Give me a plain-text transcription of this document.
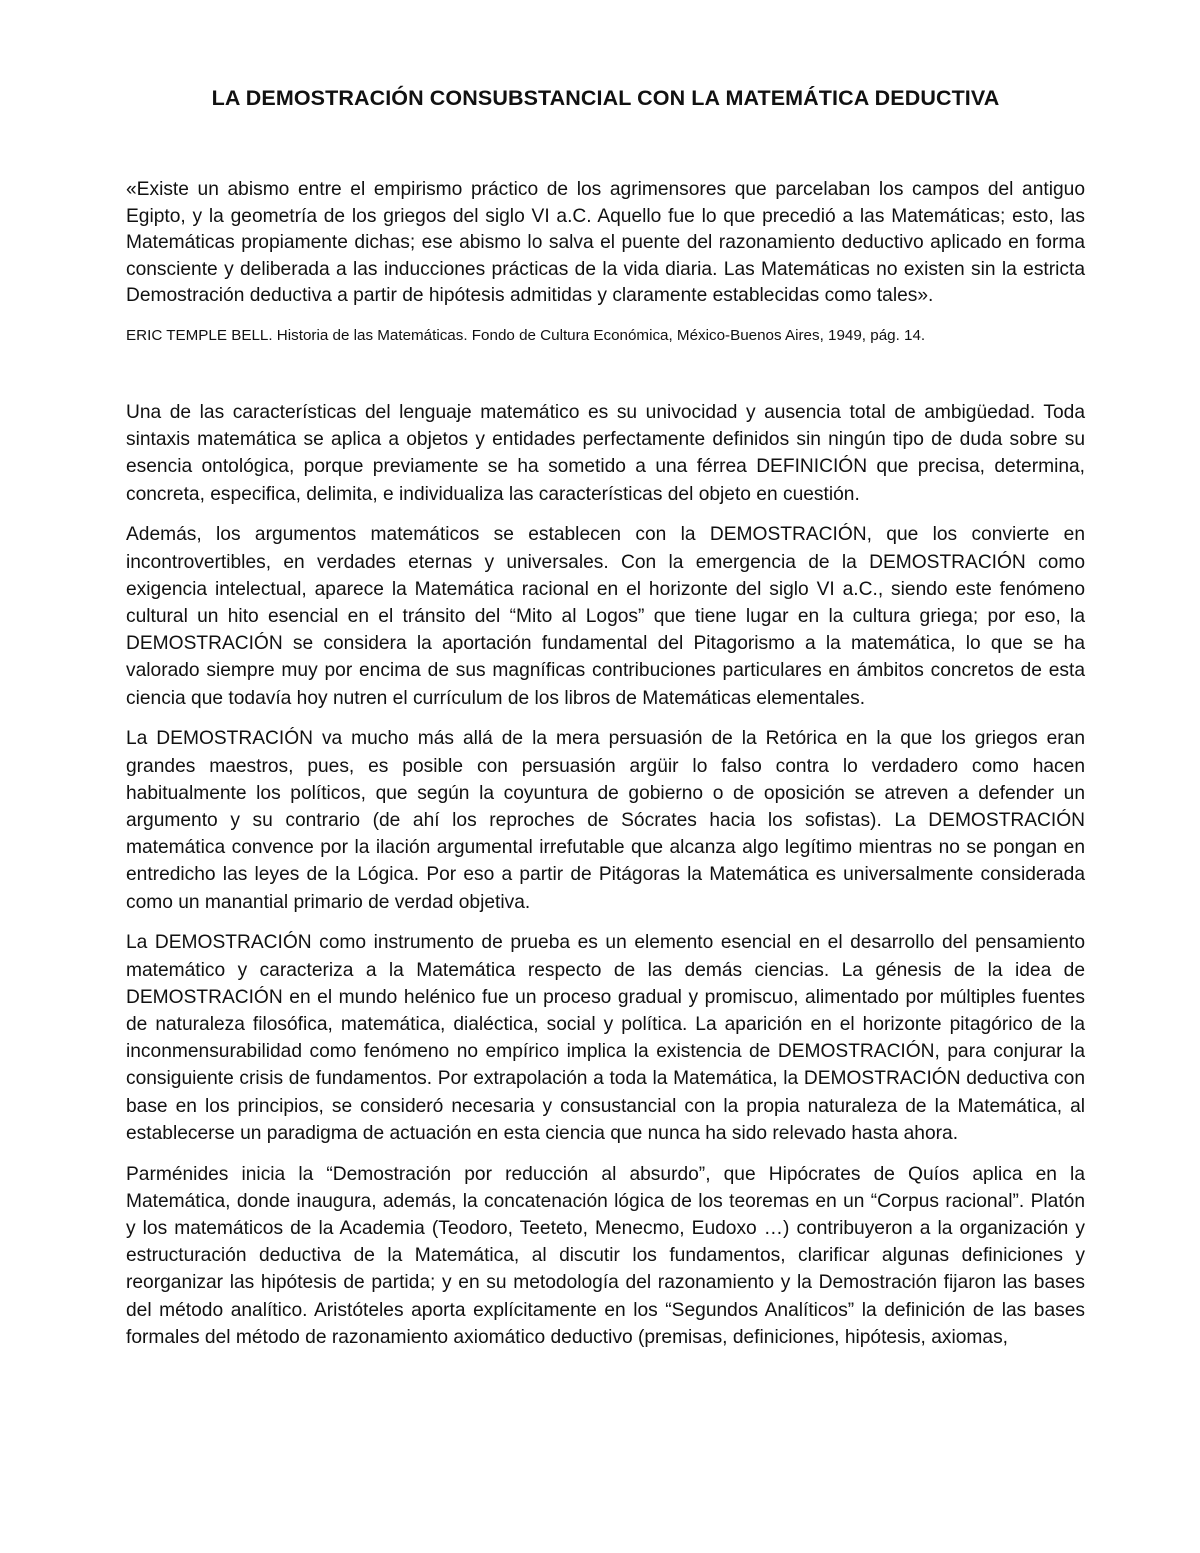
LA DEMOSTRACIÓN CONSUBSTANCIAL CON LA MATEMÁTICA DEDUCTIVA

«Existe un abismo entre el empirismo práctico de los agrimensores que parcelaban los campos del antiguo Egipto, y la geometría de los griegos del siglo VI a.C. Aquello fue lo que precedió a las Matemáticas; esto, las Matemáticas propiamente dichas; ese abismo lo salva el puente del razonamiento deductivo aplicado en forma consciente y deliberada a las inducciones prácticas de la vida diaria. Las Matemáticas no existen sin la estricta Demostración deductiva a partir de hipótesis admitidas y claramente establecidas como tales».

ERIC TEMPLE BELL. Historia de las Matemáticas. Fondo de Cultura Económica, México-Buenos Aires, 1949, pág. 14.

Una de las características del lenguaje matemático es su univocidad y ausencia total de ambigüedad. Toda sintaxis matemática se aplica a objetos y entidades perfectamente definidos sin ningún tipo de duda sobre su esencia ontológica, porque previamente se ha sometido a una férrea DEFINICIÓN que precisa, determina, concreta, especifica, delimita, e individualiza las características del objeto en cuestión.

Además, los argumentos matemáticos se establecen con la DEMOSTRACIÓN, que los convierte en incontrovertibles, en verdades eternas y universales. Con la emergencia de la DEMOSTRACIÓN como exigencia intelectual, aparece la Matemática racional en el horizonte del siglo VI a.C., siendo este fenómeno cultural un hito esencial en el tránsito del “Mito al Logos” que tiene lugar en la cultura griega; por eso, la DEMOSTRACIÓN se considera la aportación fundamental del Pitagorismo a la matemática, lo que se ha valorado siempre muy por encima de sus magníficas contribuciones particulares en ámbitos concretos de esta ciencia que todavía hoy nutren el currículum de los libros de Matemáticas elementales.

La DEMOSTRACIÓN va mucho más allá de la mera persuasión de la Retórica en la que los griegos eran grandes maestros, pues, es posible con persuasión argüir lo falso contra lo verdadero como hacen habitualmente los políticos, que según la coyuntura de gobierno o de oposición se atreven a defender un argumento y su contrario (de ahí los reproches de Sócrates hacia los sofistas). La DEMOSTRACIÓN matemática convence por la ilación argumental irrefutable que alcanza algo legítimo mientras no se pongan en entredicho las leyes de la Lógica. Por eso a partir de Pitágoras la Matemática es universalmente considerada como un manantial primario de verdad objetiva.

La DEMOSTRACIÓN como instrumento de prueba es un elemento esencial en el desarrollo del pensamiento matemático y caracteriza a la Matemática respecto de las demás ciencias. La génesis de la idea de DEMOSTRACIÓN en el mundo helénico fue un proceso gradual y promiscuo, alimentado por múltiples fuentes de naturaleza filosófica, matemática, dialéctica, social y política. La aparición en el horizonte pitagórico de la inconmensurabilidad como fenómeno no empírico implica la existencia de DEMOSTRACIÓN, para conjurar la consiguiente crisis de fundamentos. Por extrapolación a toda la Matemática, la DEMOSTRACIÓN deductiva con base en los principios, se consideró necesaria y consustancial con la propia naturaleza de la Matemática, al establecerse un paradigma de actuación en esta ciencia que nunca ha sido relevado hasta ahora.

Parménides inicia la “Demostración por reducción al absurdo”, que Hipócrates de Quíos aplica en la Matemática, donde inaugura, además, la concatenación lógica de los teoremas en un “Corpus racional”. Platón y los matemáticos de la Academia (Teodoro, Teeteto, Menecmo, Eudoxo …) contribuyeron a la organización y estructuración deductiva de la Matemática, al discutir los fundamentos, clarificar algunas definiciones y reorganizar las hipótesis de partida; y en su metodología del razonamiento y la Demostración fijaron las bases del método analítico. Aristóteles aporta explícitamente en los “Segundos Analíticos” la definición de las bases formales del método de razonamiento axiomático deductivo (premisas, definiciones, hipótesis, axiomas,
